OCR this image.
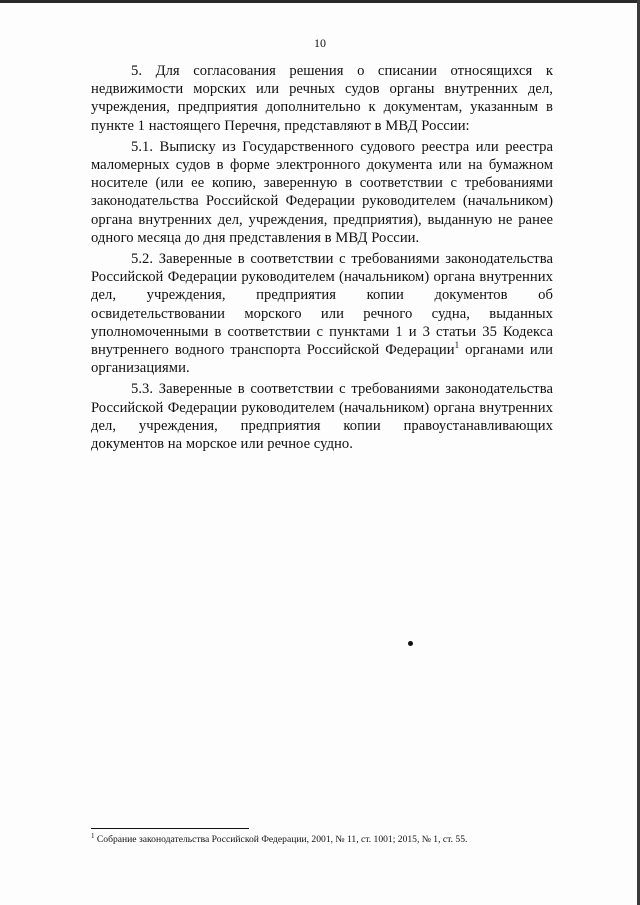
10

5. Для согласования решения о списании относящихся к недвижимости морских или речных судов органы внутренних дел, учреждения, предприятия дополнительно к документам, указанным в пункте 1 настоящего Перечня, представляют в МВД России:

5.1. Выписку из Государственного судового реестра или реестра маломерных судов в форме электронного документа или на бумажном носителе (или ее копию, заверенную в соответствии с требованиями законодательства Российской Федерации руководителем (начальником) органа внутренних дел, учреждения, предприятия), выданную не ранее одного месяца до дня представления в МВД России.

5.2. Заверенные в соответствии с требованиями законодательства Российской Федерации руководителем (начальником) органа внутренних дел, учреждения, предприятия копии документов об освидетельствовании морского или речного судна, выданных уполномоченными в соответствии с пунктами 1 и 3 статьи 35 Кодекса внутреннего водного транспорта Российской Федерации$^1$ органами или организациями.

5.3. Заверенные в соответствии с требованиями законодательства Российской Федерации руководителем (начальником) органа внутренних дел, учреждения, предприятия копии правоустанавливающих документов на морское или речное судно.

$^1$ Собрание законодательства Российской Федерации, 2001, № 11, ст. 1001; 2015, № 1, ст. 55.
